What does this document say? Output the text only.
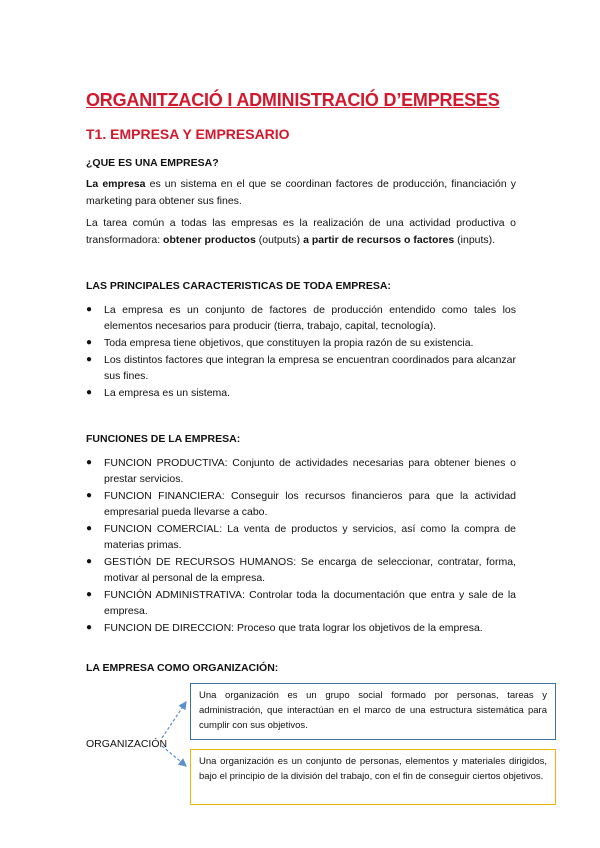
ORGANITZACIÓ I ADMINISTRACIÓ D’EMPRESES
T1. EMPRESA Y EMPRESARIO
¿QUE ES UNA EMPRESA?
La empresa es un sistema en el que se coordinan factores de producción, financiación y marketing para obtener sus fines.
La tarea común a todas las empresas es la realización de una actividad productiva o transformadora: obtener productos (outputs) a partir de recursos o factores (inputs).
LAS PRINCIPALES CARACTERISTICAS DE TODA EMPRESA:
● La empresa es un conjunto de factores de producción entendido como tales los elementos necesarios para producir (tierra, trabajo, capital, tecnología).
● Toda empresa tiene objetivos, que constituyen la propia razón de su existencia.
● Los distintos factores que integran la empresa se encuentran coordinados para alcanzar sus fines.
● La empresa es un sistema.
FUNCIONES DE LA EMPRESA:
● FUNCION PRODUCTIVA: Conjunto de actividades necesarias para obtener bienes o prestar servicios.
● FUNCION FINANCIERA: Conseguir los recursos financieros para que la actividad empresarial pueda llevarse a cabo.
● FUNCION COMERCIAL: La venta de productos y servicios, así como la compra de materias primas.
● GESTIÓN DE RECURSOS HUMANOS: Se encarga de seleccionar, contratar, forma, motivar al personal de la empresa.
● FUNCIÓN ADMINISTRATIVA: Controlar toda la documentación que entra y sale de la empresa.
● FUNCION DE DIRECCION: Proceso que trata lograr los objetivos de la empresa.
LA EMPRESA COMO ORGANIZACIÓN:
Una organización es un grupo social formado por personas, tareas y administración, que interactúan en el marco de una estructura sistemática para cumplir con sus objetivos.
Una organización es un conjunto de personas, elementos y materiales dirigidos, bajo el principio de la división del trabajo, con el fin de conseguir ciertos objetivos.
ORGANIZACIÓN
